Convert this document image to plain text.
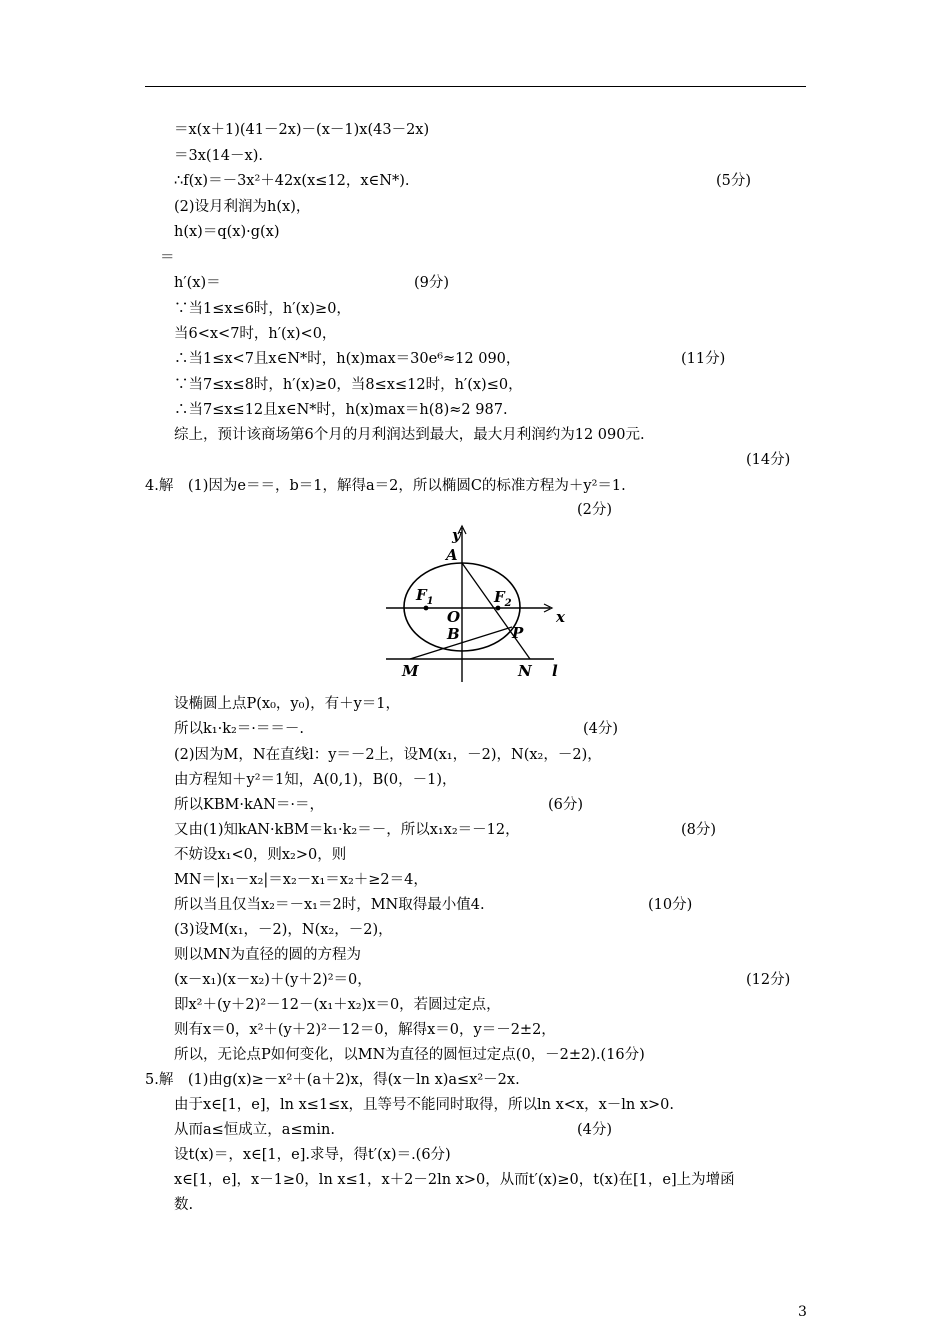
＝x(x＋1)(41－2x)－(x－1)x(43－2x)
＝3x(14－x).
∴f(x)＝－3x²＋42x(x≤12，x∈N*).	(5分)
(2)设月利润为h(x)，
h(x)＝q(x)·g(x)
＝
h′(x)＝	(9分)
∵当1≤x≤6时，h′(x)≥0，
当6<x<7时，h′(x)<0，
∴当1≤x<7且x∈N*时，h(x)max＝30e⁶≈12 090，	(11分)
∵当7≤x≤8时，h′(x)≥0，当8≤x≤12时，h′(x)≤0，
∴当7≤x≤12且x∈N*时，h(x)max＝h(8)≈2 987.
综上，预计该商场第6个月的月利润达到最大，最大月利润约为12 090元.
(14分)
4.解　(1)因为e＝＝，b＝1，解得a＝2，所以椭圆C的标准方程为＋y²＝1.
(2分)
y
A
$F_1$	$F_2$
O
B	P
x
M	N l
设椭圆上点P(x₀，y₀)，有＋y＝1，
所以k₁·k₂＝·＝＝－.	(4分)
(2)因为M，N在直线l：y＝－2上，设M(x₁，－2)，N(x₂，－2)，
由方程知＋y²＝1知，A(0,1)，B(0，－1)，
所以KBM·kAN＝·＝，	(6分)
又由(1)知kAN·kBM＝k₁·k₂＝－，所以x₁x₂＝－12，	(8分)
不妨设x₁<0，则x₂>0，则
MN＝|x₁－x₂|＝x₂－x₁＝x₂＋≥2＝4，
所以当且仅当x₂＝－x₁＝2时，MN取得最小值4.	(10分)
(3)设M(x₁，－2)，N(x₂，－2)，
则以MN为直径的圆的方程为
(x－x₁)(x－x₂)＋(y＋2)²＝0，	(12分)
即x²＋(y＋2)²－12－(x₁＋x₂)x＝0，若圆过定点，
则有x＝0，x²＋(y＋2)²－12＝0，解得x＝0，y＝－2±2，
所以，无论点P如何变化，以MN为直径的圆恒过定点(0，－2±2).(16分)
5.解　(1)由g(x)≥－x²＋(a＋2)x，得(x－ln x)a≤x²－2x.
由于x∈[1，e]，ln x≤1≤x，且等号不能同时取得，所以ln x<x，x－ln x>0.
从而a≤恒成立，a≤min.	(4分)
设t(x)＝，x∈[1，e].求导，得t′(x)＝.(6分)
x∈[1，e]，x－1≥0，ln x≤1，x＋2－2ln x>0，从而t′(x)≥0，t(x)在[1，e]上为增函
数.
3
